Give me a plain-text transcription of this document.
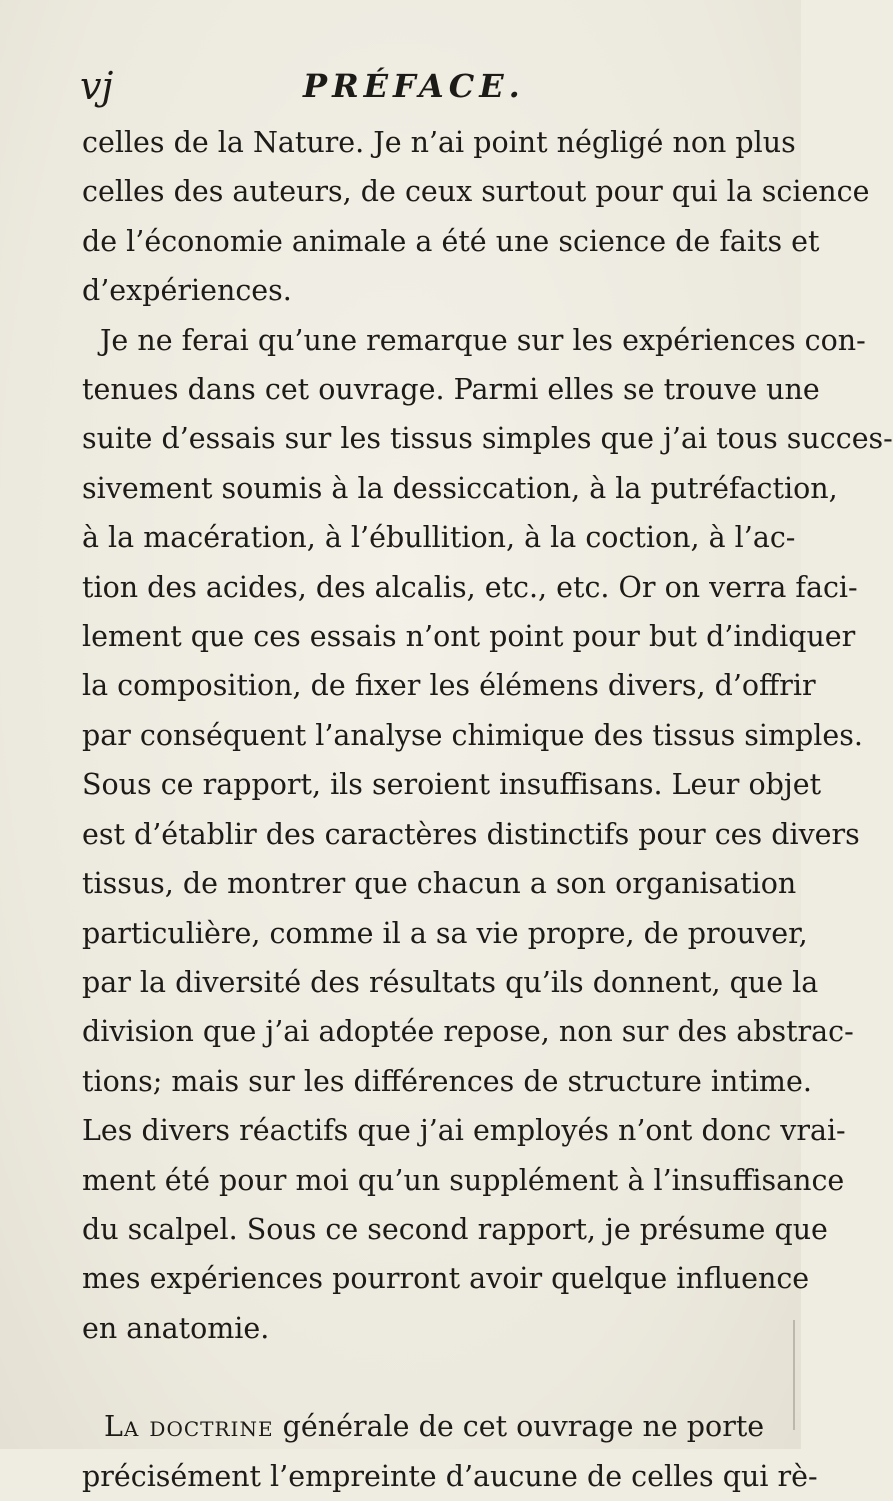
vj	PRÉFACE.
celles de la Nature. Je n’ai point négligé non plus
celles des auteurs, de ceux surtout pour qui la science
de l’économie animale a été une science de faits et
d’expériences.
Je ne ferai qu’une remarque sur les expériences con-
tenues dans cet ouvrage. Parmi elles se trouve une
suite d’essais sur les tissus simples que j’ai tous succes-
sivement soumis à la dessiccation, à la putréfaction,
à la macération, à l’ébullition, à la coction, à l’ac-
tion des acides, des alcalis, etc., etc. Or on verra faci-
lement que ces essais n’ont point pour but d’indiquer
la composition, de fixer les élémens divers, d’offrir
par conséquent l’analyse chimique des tissus simples.
Sous ce rapport, ils seroient insuffisans. Leur objet
est d’établir des caractères distinctifs pour ces divers
tissus, de montrer que chacun a son organisation
particulière, comme il a sa vie propre, de prouver,
par la diversité des résultats qu’ils donnent, que la
division que j’ai adoptée repose, non sur des abstrac-
tions; mais sur les différences de structure intime.
Les divers réactifs que j’ai employés n’ont donc vrai-
ment été pour moi qu’un supplément à l’insuffisance
du scalpel. Sous ce second rapport, je présume que
mes expériences pourront avoir quelque influence
en anatomie.
La doctrine générale de cet ouvrage ne porte
précisément l’empreinte d’aucune de celles qui rè-
